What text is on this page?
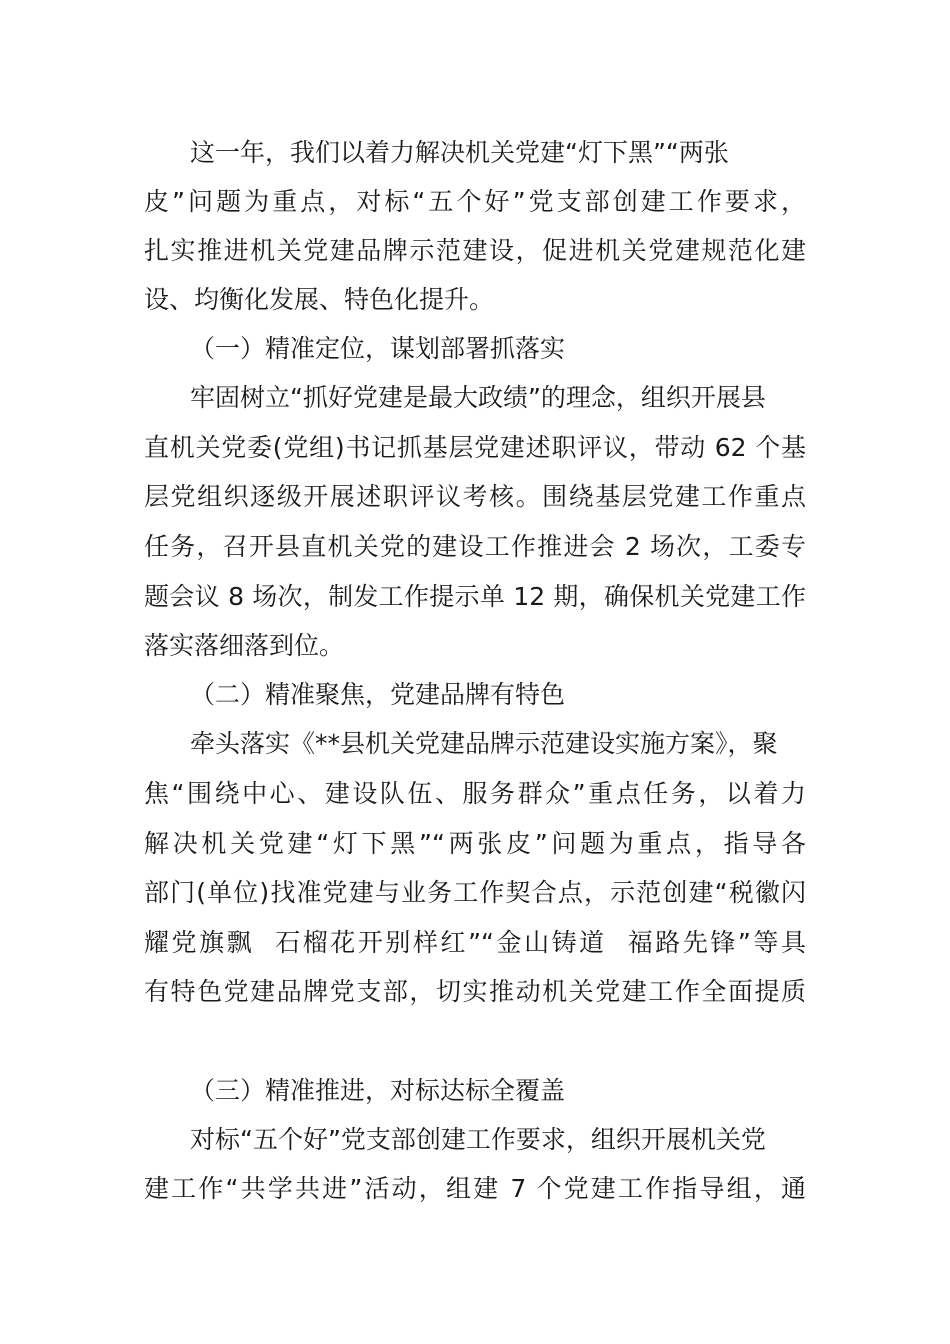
这一年，我们以着力解决机关党建“灯下黑”“两张
皮”问题为重点，对标“五个好”党支部创建工作要求，
扎实推进机关党建品牌示范建设，促进机关党建规范化建
设、均衡化发展、特色化提升。
（一）精准定位，谋划部署抓落实
牢固树立“抓好党建是最大政绩”的理念，组织开展县
直机关党委(党组)书记抓基层党建述职评议，带动 62 个基
层党组织逐级开展述职评议考核。围绕基层党建工作重点
任务，召开县直机关党的建设工作推进会 2 场次，工委专
题会议 8 场次，制发工作提示单 12 期，确保机关党建工作
落实落细落到位。
（二）精准聚焦，党建品牌有特色
牵头落实《**县机关党建品牌示范建设实施方案》，聚
焦“围绕中心、建设队伍、服务群众”重点任务，以着力
解决机关党建“灯下黑”“两张皮”问题为重点，指导各
部门(单位)找准党建与业务工作契合点，示范创建“税徽闪
耀党旗飘  石榴花开别样红”“金山铸道  福路先锋”等具
有特色党建品牌党支部，切实推动机关党建工作全面提质
（三）精准推进，对标达标全覆盖
对标“五个好”党支部创建工作要求，组织开展机关党
建工作“共学共进”活动，组建 7 个党建工作指导组，通
